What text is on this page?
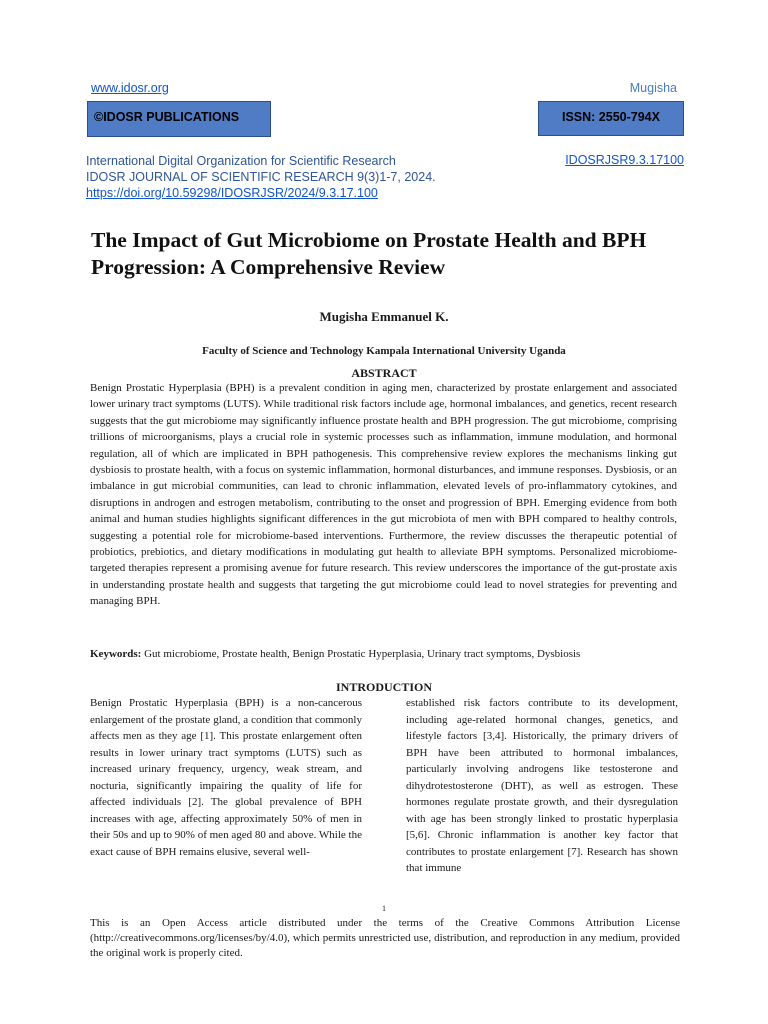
www.idosr.org	Mugisha
©IDOSR PUBLICATIONS	ISSN: 2550-794X
International Digital Organization for Scientific Research
IDOSR JOURNAL OF SCIENTIFIC RESEARCH 9(3)1-7, 2024.
https://doi.org/10.59298/IDOSRJSR/2024/9.3.17.100
IDOSRJSR9.3.17100
The Impact of Gut Microbiome on Prostate Health and BPH Progression: A Comprehensive Review
Mugisha Emmanuel K.
Faculty of Science and Technology Kampala International University Uganda
ABSTRACT

Benign Prostatic Hyperplasia (BPH) is a prevalent condition in aging men, characterized by prostate enlargement and associated lower urinary tract symptoms (LUTS). While traditional risk factors include age, hormonal imbalances, and genetics, recent research suggests that the gut microbiome may significantly influence prostate health and BPH progression. The gut microbiome, comprising trillions of microorganisms, plays a crucial role in systemic processes such as inflammation, immune modulation, and hormonal regulation, all of which are implicated in BPH pathogenesis. This comprehensive review explores the mechanisms linking gut dysbiosis to prostate health, with a focus on systemic inflammation, hormonal disturbances, and immune responses. Dysbiosis, or an imbalance in gut microbial communities, can lead to chronic inflammation, elevated levels of pro-inflammatory cytokines, and disruptions in androgen and estrogen metabolism, contributing to the onset and progression of BPH. Emerging evidence from both animal and human studies highlights significant differences in the gut microbiota of men with BPH compared to healthy controls, suggesting a potential role for microbiome-based interventions. Furthermore, the review discusses the therapeutic potential of probiotics, prebiotics, and dietary modifications in modulating gut health to alleviate BPH symptoms. Personalized microbiome-targeted therapies represent a promising avenue for future research. This review underscores the importance of the gut-prostate axis in understanding prostate health and suggests that targeting the gut microbiome could lead to novel strategies for preventing and managing BPH.

Keywords: Gut microbiome, Prostate health, Benign Prostatic Hyperplasia, Urinary tract symptoms, Dysbiosis
INTRODUCTION

Benign Prostatic Hyperplasia (BPH) is a non-cancerous enlargement of the prostate gland, a condition that commonly affects men as they age [1]. This prostate enlargement often results in lower urinary tract symptoms (LUTS) such as increased urinary frequency, urgency, weak stream, and nocturia, significantly impairing the quality of life for affected individuals [2]. The global prevalence of BPH increases with age, affecting approximately 50% of men in their 50s and up to 90% of men aged 80 and above. While the exact cause of BPH remains elusive, several well-

established risk factors contribute to its development, including age-related hormonal changes, genetics, and lifestyle factors [3,4]. Historically, the primary drivers of BPH have been attributed to hormonal imbalances, particularly involving androgens like testosterone and dihydrotestosterone (DHT), as well as estrogen. These hormones regulate prostate growth, and their dysregulation with age has been strongly linked to prostatic hyperplasia [5,6]. Chronic inflammation is another key factor that contributes to prostate enlargement [7]. Research has shown that immune

1

This is an Open Access article distributed under the terms of the Creative Commons Attribution License (http://creativecommons.org/licenses/by/4.0), which permits unrestricted use, distribution, and reproduction in any medium, provided the original work is properly cited.
